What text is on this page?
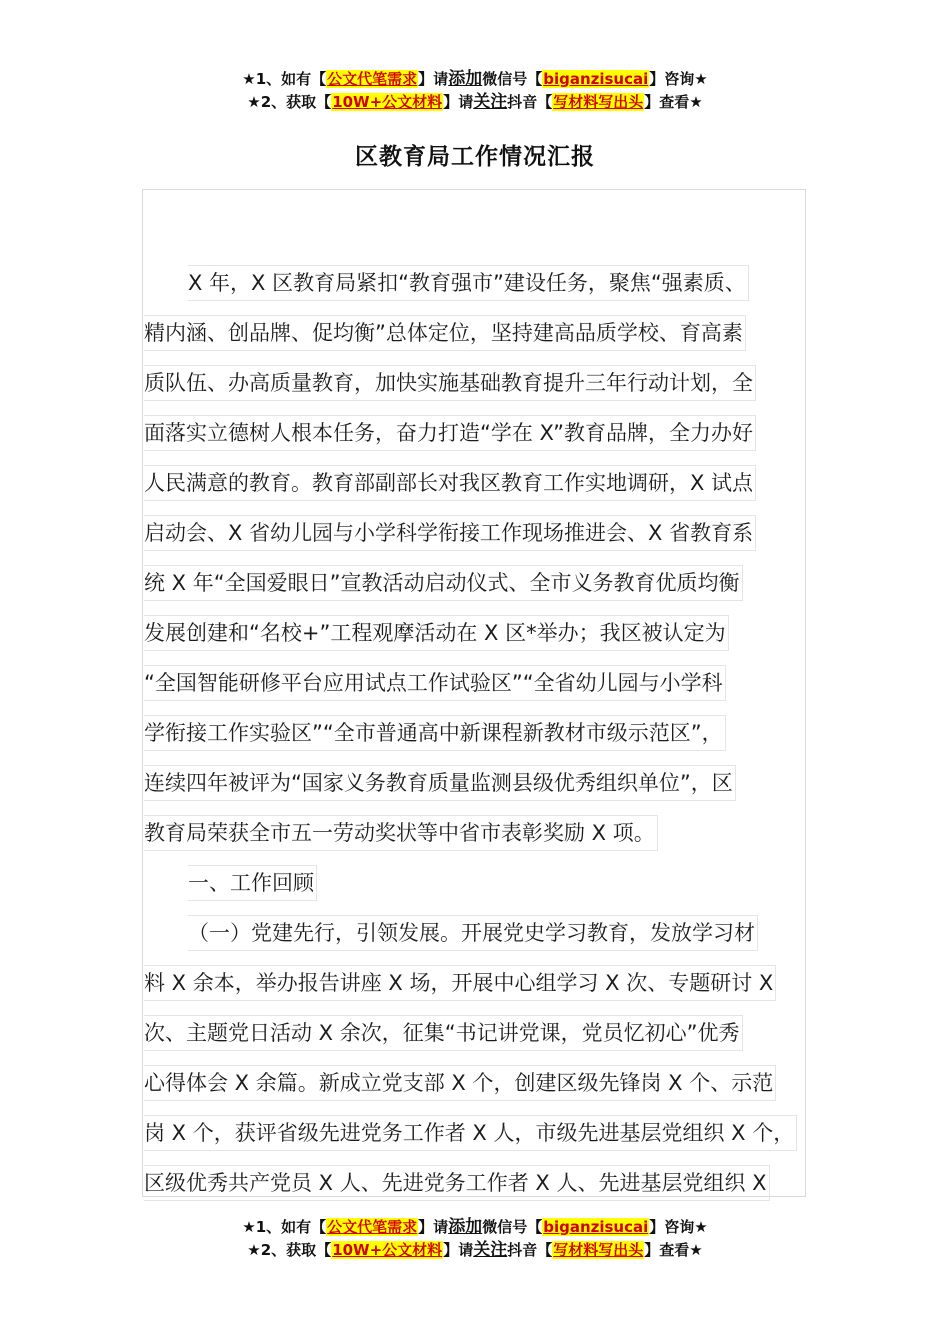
★1、如有【公文代笔需求】请添加微信号【biganzisucai】咨询★
★2、获取【10W+公文材料】请关注抖音【写材料写出头】查看★
区教育局工作情况汇报
X 年，X 区教育局紧扣“教育强市”建设任务，聚焦“强素质、
精内涵、创品牌、促均衡”总体定位，坚持建高品质学校、育高素
质队伍、办高质量教育，加快实施基础教育提升三年行动计划，全
面落实立德树人根本任务，奋力打造“学在 X”教育品牌，全力办好
人民满意的教育。教育部副部长对我区教育工作实地调研，X 试点
启动会、X 省幼儿园与小学科学衔接工作现场推进会、X 省教育系
统 X 年“全国爱眼日”宣教活动启动仪式、全市义务教育优质均衡
发展创建和“名校+”工程观摩活动在 X 区*举办；我区被认定为
“全国智能研修平台应用试点工作试验区”“全省幼儿园与小学科
学衔接工作实验区”“全市普通高中新课程新教材市级示范区”，
连续四年被评为“国家义务教育质量监测县级优秀组织单位”，区
教育局荣获全市五一劳动奖状等中省市表彰奖励 X 项。
一、工作回顾
（一）党建先行，引领发展。开展党史学习教育，发放学习材
料 X 余本，举办报告讲座 X 场，开展中心组学习 X 次、专题研讨 X
次、主题党日活动 X 余次，征集“书记讲党课，党员忆初心”优秀
心得体会 X 余篇。新成立党支部 X 个，创建区级先锋岗 X 个、示范
岗 X 个，获评省级先进党务工作者 X 人，市级先进基层党组织 X 个，
区级优秀共产党员 X 人、先进党务工作者 X 人、先进基层党组织 X
★1、如有【公文代笔需求】请添加微信号【biganzisucai】咨询★
★2、获取【10W+公文材料】请关注抖音【写材料写出头】查看★
